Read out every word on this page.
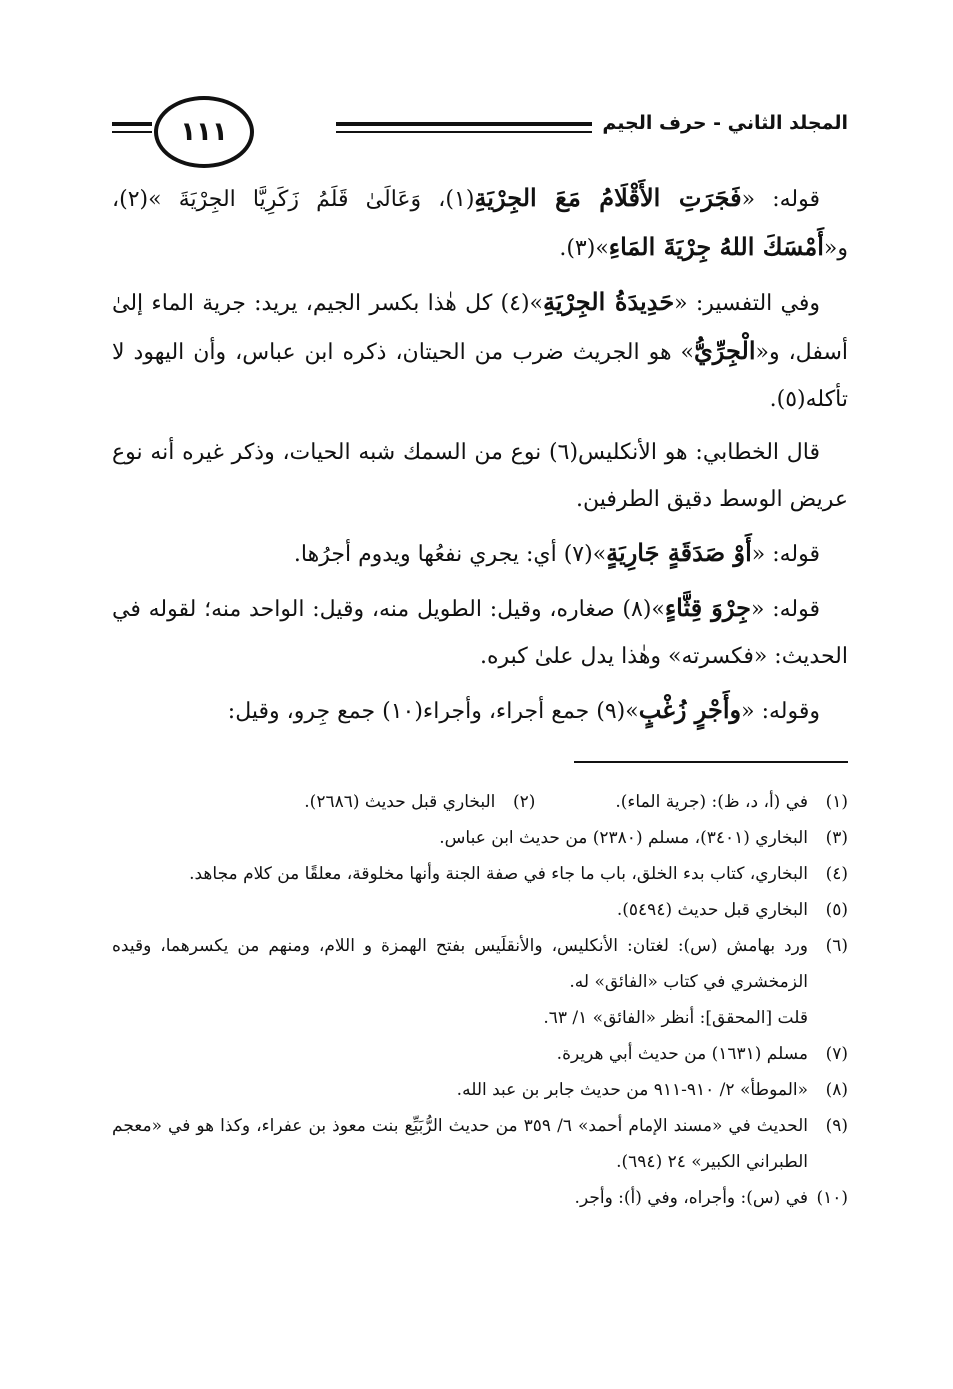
١١١	المجلد الثاني - حرف الجيم

قوله: «فَجَرَتِ الأَقْلَامُ مَعَ الجِرْيَةِ(١)، وَعَالَىٰ قَلَمُ زَكَرِيَّا الجِرْيَةَ »(٢)، و«أَمْسَكَ اللهُ جِرْيَةَ المَاءِ»(٣).

وفي التفسير: «حَدِيدَةُ الجِرْيَةِ»(٤) كل هٰذا بكسر الجيم، يريد: جرية الماء إلىٰ أسفل، و«الْجِرِّيُّ» هو الجريث ضرب من الحيتان، ذكره ابن عباس، وأن اليهود لا تأكله(٥).

قال الخطابي: هو الأنكليس(٦) نوع من السمك شبه الحيات، وذكر غيره أنه نوع عريض الوسط دقيق الطرفين.

قوله: «أَوْ صَدَقَةٍ جَارِيَةٍ»(٧) أي: يجري نفعُها ويدوم أجرُها.

قوله: «جِرْوَ قِثَّاءٍ»(٨) صغاره، وقيل: الطويل منه، وقيل: الواحد منه؛ لقوله في الحديث: «فكسرته» وهٰذا يدل علىٰ كبره.

وقوله: «وأَجْرٍ زُغْبٍ»(٩) جمع أجراء، وأجراء(١٠) جمع جِرو، وقيل:

(١)
في (أ، د، ظ): (جرية الماء).
(٢)
البخاري قبل حديث (٢٦٨٦).
(٣)
البخاري (٣٤٠١)، مسلم (٢٣٨٠) من حديث ابن عباس.
(٤)
البخاري، كتاب بدء الخلق، باب ما جاء في صفة الجنة وأنها مخلوقة، معلقًا من كلام مجاهد.
(٥)
البخاري قبل حديث (٥٤٩٤).
(٦)
ورد بهامش (س): لغتان: الأنكليس، والأنقلَيس بفتح الهمزة و اللام، ومنهم من يكسرهما، وقيده الزمخشري في كتاب «الفائق» له.
قلت [المحقق]: أنظر «الفائق» ١/ ٦٣.
(٧)
مسلم (١٦٣١) من حديث أبي هريرة.
(٨)
«الموطأ» ٢/ ٩١٠-٩١١ من حديث جابر بن عبد الله.
(٩)
الحديث في «مسند الإمام أحمد» ٦/ ٣٥٩ من حديث الرُّبَيِّع بنت معوذ بن عفراء، وكذا هو في «معجم الطبراني الكبير» ٢٤ (٦٩٤).
(١٠)
في (س): وأجراه، وفي (أ): وأجر.
